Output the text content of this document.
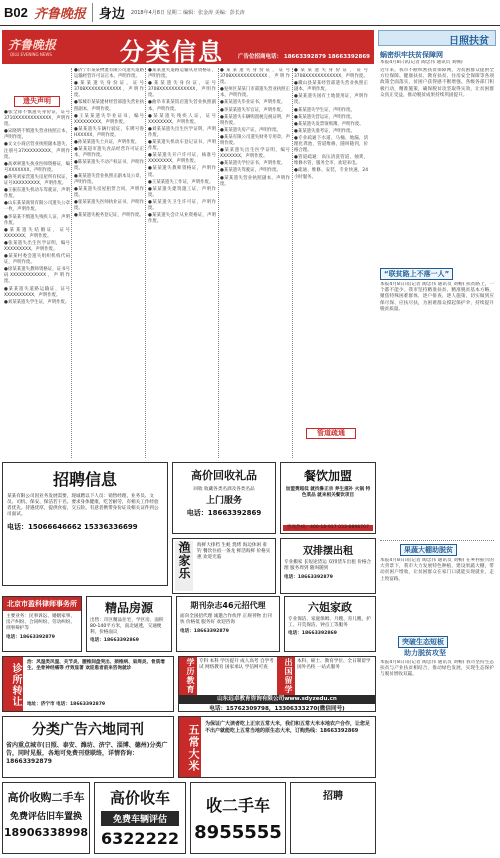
B02 齐鲁晚报	身边 2018年4月8日 星期二 编辑：张金涛 美编：彭长涛
齐鲁晚报
QILU EVENING NEWS	分类信息	广告位招商电话： 18663392879 18663392869
遗失声明

●张全锋不慎遗失身份证，证号3710XXXXXXXXXXXX，声明作废。

●宋晓明不慎遗失营业执照正本，声明作废。

●文文小商店营业执照副本遗失，注册号37XXXXXXXXX，声明作废。

●高翠翠遗失执业医师资格证，编号XXXXXXX，声明作废。

●鲁英刘家营遗失房屋所有权证，证号XXXXXXXXX，声明作废。

●王振东遗失机动车驾驶证，声明作废。

●山东某某商贸有限公司遗失公章一枚，声明作废。

●李某某不慎遗失残疾人证，声明作废。

●某某遗失结婚证，证号XXXXXXX，声明作废。

●张某遗失出生医学证明，编号XXXXXXXXX，声明作废。

●某某村委会遗失组织机构代码证，声明作废。

●徐某某遗失教师资格证，证书号码XXXXXXXXXXXX，声明作废。

●某某遗失道路运输证，证号XXXXXXXXXX，声明作废。

●刘某某遗失学生证，声明作废。

●济宁市某某物流有限公司遗失道路运输经营许可证正本，声明作废。

●某某遗失身份证，证号3708XXXXXXXXXXXX，声明作废。

●邹城市某某建材经营部遗失营业执照副本，声明作废。

●王某某遗失毕业证书，编号XXXXXXXXX，声明作废。

●某某遗失车辆行驶证，车牌号鲁HXXXXX，声明作废。

●孙某某遗失士兵证，声明作废。

●某某超市遗失食品经营许可证正本，声明作废。

●陈某某遗失不动产权证书，声明作废。

●某某遗失营业执照正副本及公章，声明作废。

●某某遗失房屋租赁合同，声明作废。

●张某某遗失医师执业证书，声明作废。

●某某遗失税务登记证，声明作废。

●某某遗失道路运输从业资格证，声明作废。

●某某遗失身份证，证号3708XXXXXXXXXXXX，声明作废。

●曲阜市某某饭店遗失营业执照副本，声明作废。

●某某遗失残疾人证，证号XXXXXXXX，声明作废。

●刘某某遗失出生医学证明，声明作废。

●某某遗失机动车登记证书，声明作废。

●某某遗失开户许可证，核准号XXXXXXXX，声明作废。

●某某遗失教师资格证，声明作废。

●王某某遗失工作证，声明作废。

●某某遗失建筑施工证，声明作废。

●某某遗失卫生许可证，声明作废。

●某某遗失会计从业资格证，声明作废。

●某某遗失身份证，证号3708XXXXXXXXXXXX，声明作废。

●兖州区某某门市部遗失营业执照正本，声明作废。

●某某遗失毕业证书，声明作废。

●李某某遗失军官证，声明作废。

●某某遗失车辆购置税完税证明，声明作废。

●某某遗失房产证，声明作废。

●某某有限公司遗失财务专用章，声明作废。

●某某遗失出生医学证明，编号XXXXXXX，声明作废。

●某某遗失学位证书，声明作废。

●某某遗失驾驶证，声明作废。

●某某遗失营业执照副本，声明作废。

●某某遗失身份证，证号3708XXXXXXXXXXXX，声明作废。

●微山县某某经营部遗失营业执照正副本，声明作废。

●某某遗失国有土地使用证，声明作废。

●某某遗失学生证，声明作废。

●某某遗失营运证，声明作废。

●某某遗失发票领购簿，声明作废。

●某某遗失准考证，声明作废。

●专业疏通下水道、马桶、地漏，清理化粪池，管道维修，随叫随到，价格合理。

●管道疏通：高压清洗管道，抽粪，维修水管，服务全市，欢迎来电。

●疏通、维修、安装，专业快速，24小时服务。

管道疏通
日照扶贫
蜗密织牢扶贫保障网
本报4月8日讯(记者 陶忠伟 通讯员 刘畅)
近年来，我市不断织密扶贫保障网，为贫困群众提供全方位保障。健康扶贫、教育扶贫、住房安全保障等各项政策全面落实，贫困户获得感不断增强。各级各部门积极行动，精准施策，确保脱贫攻坚取得实效，让贫困群众真正受益，推动脱贫成果持续巩固提升。
“联贫路上不落一人”
本报4月8日讯(记者 陶忠伟 通讯员 刘畅) 扶贫路上，一个都不能少。我市坚持精准扶贫、精准脱贫基本方略，聚焦特殊困难群体，逐户排查、逐人施策，切实做到应保尽保、应扶尽扶，为困难群众撑起保护伞，持续提升脱贫质量。
果蔬大棚助脱贫
本报4月8日讯(记者 陶忠伟 通讯员 刘畅) 在乡村振兴的大背景下，我市大力发展特色种植，建设果蔬大棚，带动贫困户增收，让贫困群众在家门口就能实现就业，走上致富路。
突破生态短板
助力脱贫攻坚
本报4月8日讯(记者 陶忠伟 通讯员 刘畅) 我市坚持生态扶贫与产业扶贫相结合，推动绿色发展，实现生态保护与脱贫增收双赢。
招聘信息
某某有限公司因业务发展需要，现诚聘以下人员：销售经理、业务员、文员、司机、保安、保洁若干名。要求身体健康，吃苦耐劳，有相关工作经验者优先。待遇优厚，提供食宿，交五险。有意者携带身份证及相关证件到公司面试。
电话：15066646662 15336336699
高价回收礼品
回收 收藏各类名酒及各类名品
上门服务
电话：18663392869
餐饮加盟
加盟费超低 就找鲁正宗 养生滋补 火锅 特色菜品 就来相关餐饮项目
咨询热线：400-18-917 033-8898707
渔家乐	海鲜大排档 生蚝 烧烤 海边休闲 垂钓 餐饮住宿一条龙 鲜活海鲜 价格实惠 欢迎光临
双排摆出租
专业搬家 长短途货运 双排货车出租 价格合理 服务周到 随叫随到
电话：18663392879
北京市盈科律师事务所
主要业务：民事诉讼、婚姻家事、房产纠纷、合同纠纷、劳动纠纷、刑事辩护等
电话：18663392879
精品房源
出售：市区精品住宅，学区房，面积80-140平方米，南北通透，交通便利，价格面议
电话：18663392869
期刊杂志46元招代理
面向全国招代理 诚邀合作伙伴 正规刊物 出刊快 价格低 服务好 欢迎咨询
电话：18663392879
六姐家政
专业保洁、家庭保姆、月嫂、育儿嫂、护工、开荒保洁、钟点工等服务
电话：18663392869
诊所转让
治：风湿类风湿、关节炎、腰椎间盘突出、颈椎病、肩周炎、骨质增生、坐骨神经痛等 疗效显著 欢迎患者前来咨询就诊
地址：济宁市 电话：18663392879
学历教育 专科 本科 学历提升 成人高考 自学考试 网络教育 国家承认 学信网可查	出国留学 本科、硕士、教育学位、全日制留学 国外名校 一站式服务
山东远卓教育咨询有限公司www.sdyzedu.cn
电话：15762309798，13306333270(微信同号)
分类广告六地同刊
省内重点城市(日照、泰安、潍坊、济宁、淄博、德州)分类广告，同时见报，各地可免费刊登联络，详情咨询：18663392879	五常大米 为保证广大读者吃上正宗五常大米，我们和五常大米本地农户合作，让您足不出户就能吃上五常当地的原生态大米，订购热线：18663392869
高价收购二手车
免费评估旧车置换
18906338998
高价收车
免费车辆评估
6322222
收二手车
8955555
招聘
